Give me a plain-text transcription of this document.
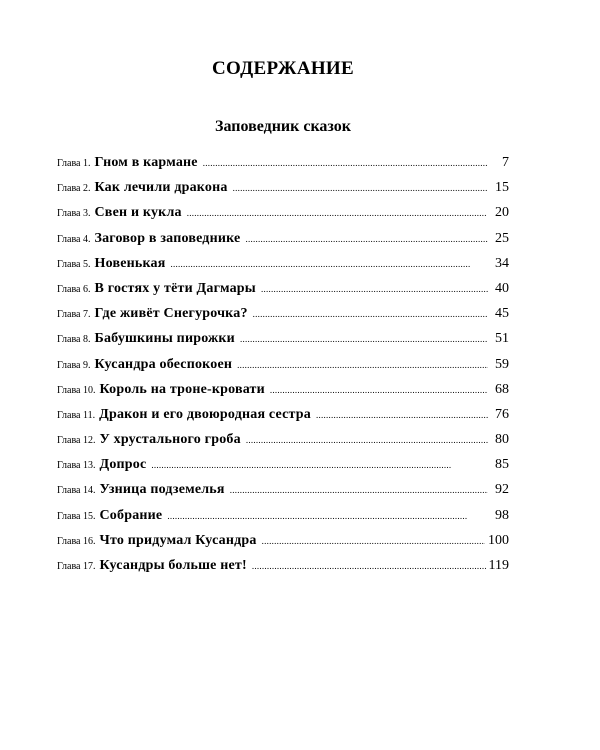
СОДЕРЖАНИЕ
Заповедник сказок
Глава 1. Гном в кармане . . .	7
Глава 2. Как лечили дракона . . .	15
Глава 3. Свен и кукла . . .	20
Глава 4. Заговор в заповеднике . . .	25
Глава 5. Новенькая . . .	34
Глава 6. В гостях у тёти Дагмары . . .	40
Глава 7. Где живёт Снегурочка? . . .	45
Глава 8. Бабушкины пирожки . . .	51
Глава 9. Кусандра обеспокоен . . .	59
Глава 10. Король на троне-кровати . . .	68
Глава 11. Дракон и его двоюродная сестра . . .	76
Глава 12. У хрустального гроба . . .	80
Глава 13. Допрос . . .	85
Глава 14. Узница подземелья . . .	92
Глава 15. Собрание . . .	98
Глава 16. Что придумал Кусандра . . .	100
Глава 17. Кусандры больше нет! . . .	119
